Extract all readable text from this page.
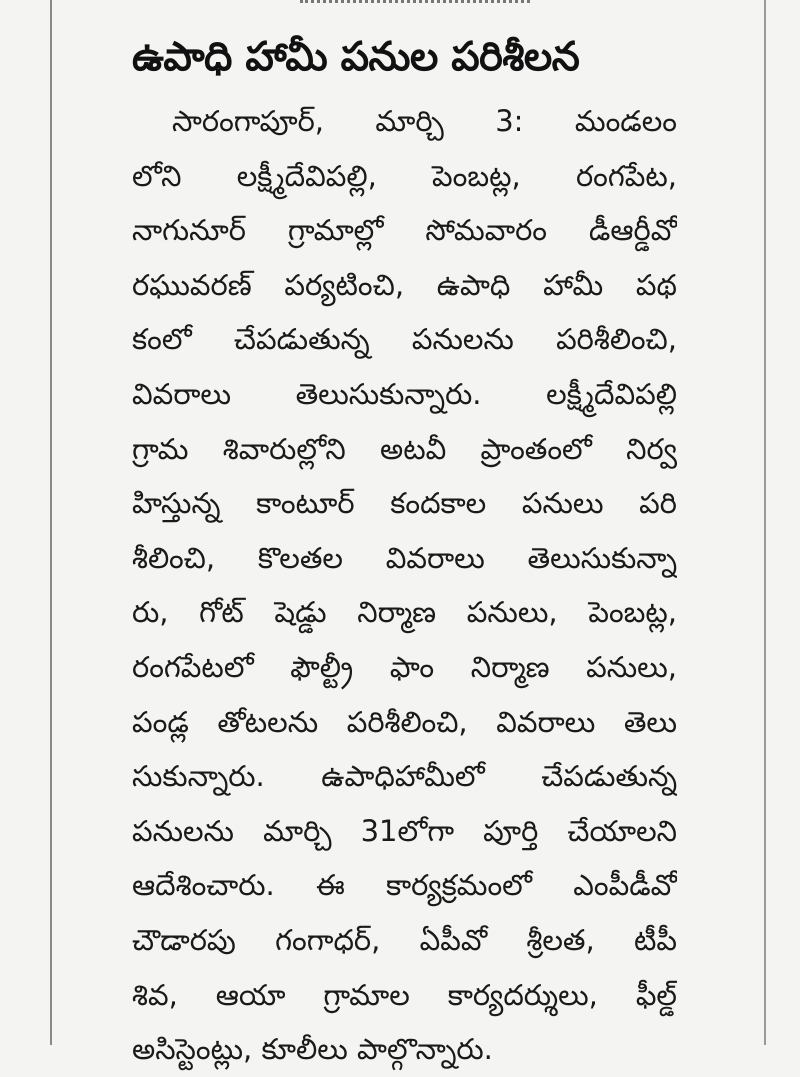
ఉపాధి హామీ పనుల పరిశీలన
సారంగాపూర్, మార్చి 3: మండలం
లోని లక్ష్మీదేవిపల్లి, పెంబట్ల, రంగపేట,
నాగునూర్ గ్రామాల్లో సోమవారం డీఆర్డీవో
రఘువరణ్ పర్యటించి, ఉపాధి హామీ పథ
కంలో చేపడుతున్న పనులను పరిశీలించి,
వివరాలు తెలుసుకున్నారు. లక్ష్మీదేవిపల్లి
గ్రామ శివారుల్లోని అటవీ ప్రాంతంలో నిర్వ
హిస్తున్న కాంటూర్ కందకాల పనులు పరి
శీలించి, కొలతల వివరాలు తెలుసుకున్నా
రు, గోట్ షెడ్డు నిర్మాణ పనులు, పెంబట్ల,
రంగపేటలో ఫౌల్ట్రీ ఫాం నిర్మాణ పనులు,
పండ్ల తోటలను పరిశీలించి, వివరాలు తెలు
సుకున్నారు. ఉపాధిహామీలో చేపడుతున్న
పనులను మార్చి 31లోగా పూర్తి చేయాలని
ఆదేశించారు. ఈ కార్యక్రమంలో ఎంపీడీవో
చౌడారపు గంగాధర్, ఏపీవో శ్రీలత, టీపీ
శివ, ఆయా గ్రామాల కార్యదర్శులు, ఫీల్డ్
అసిస్టెంట్లు, కూలీలు పాల్గొన్నారు.
